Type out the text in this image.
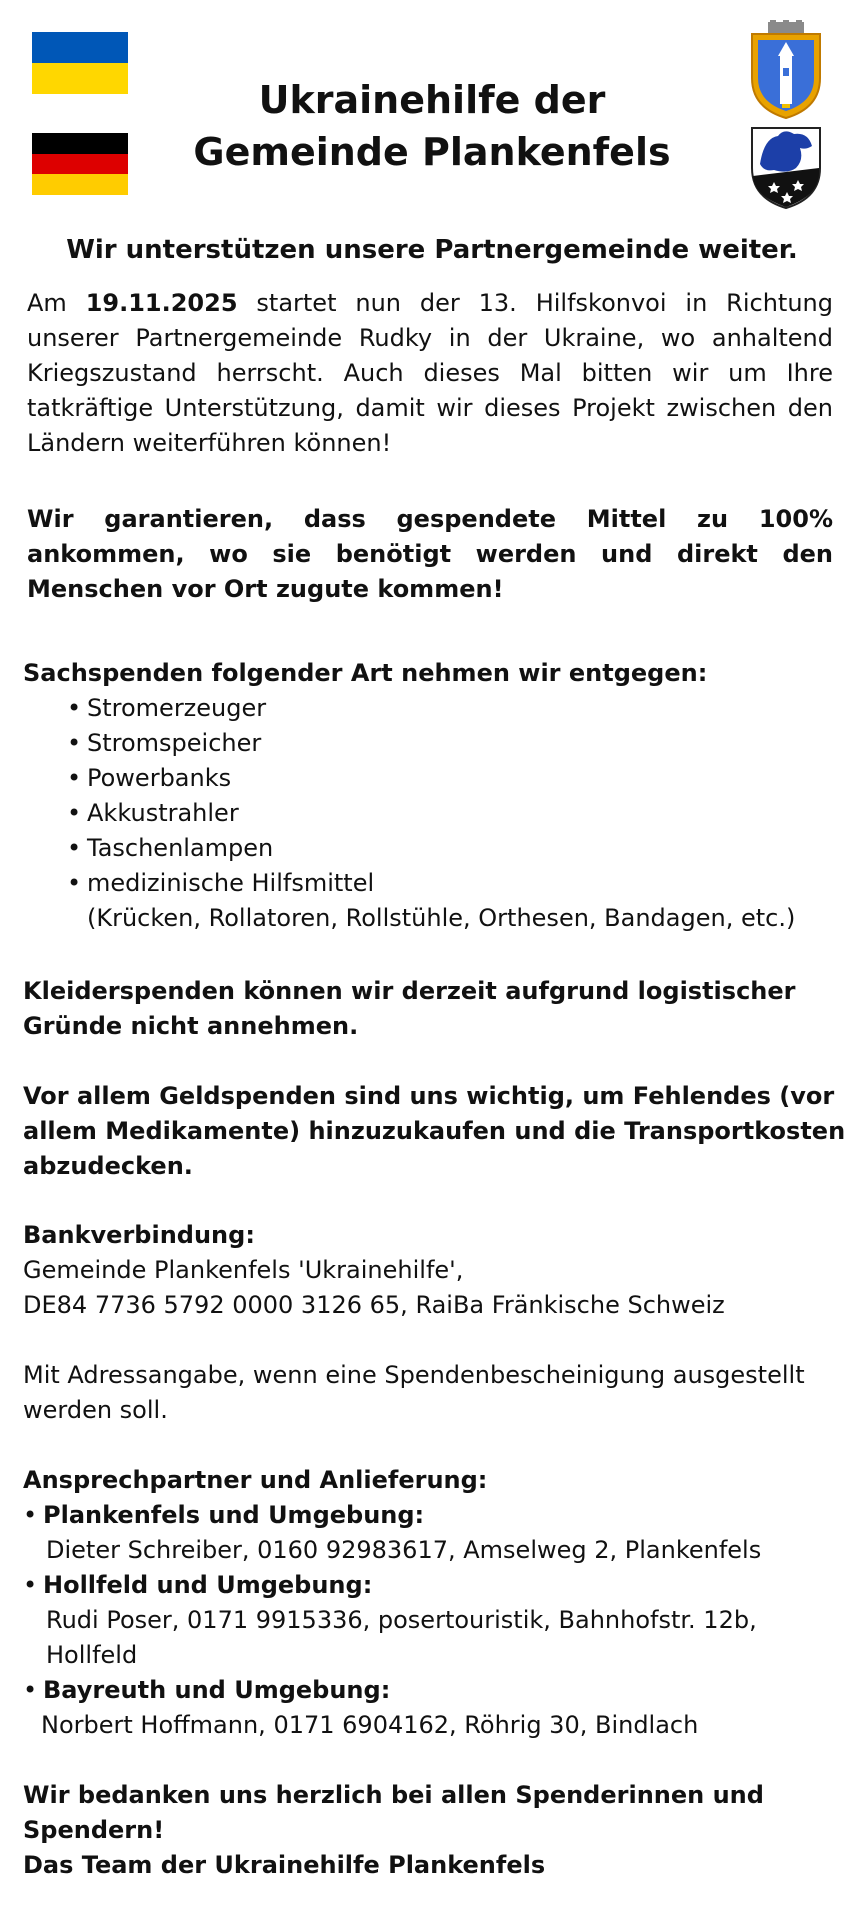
Ukrainehilfe der
Gemeinde Plankenfels
Wir unterstützen unsere Partnergemeinde weiter.
Am 19.11.2025 startet nun der 13. Hilfskonvoi in Richtung unserer Partnergemeinde Rudky in der Ukraine, wo anhaltend Kriegszustand herrscht. Auch dieses Mal bitten wir um Ihre tatkräftige Unterstützung, damit wir dieses Projekt zwischen den Ländern weiterführen können!
Wir garantieren, dass gespendete Mittel zu 100% ankommen, wo sie benötigt werden und direkt den Menschen vor Ort zugute kommen!
Sachspenden folgender Art nehmen wir entgegen:
• Stromerzeuger
• Stromspeicher
• Powerbanks
• Akkustrahler
• Taschenlampen
• medizinische Hilfsmittel
(Krücken, Rollatoren, Rollstühle, Orthesen, Bandagen, etc.)
Kleiderspenden können wir derzeit aufgrund logistischer
Gründe nicht annehmen.
Vor allem Geldspenden sind uns wichtig, um Fehlendes (vor
allem Medikamente) hinzuzukaufen und die Transportkosten
abzudecken.
Bankverbindung:
Gemeinde Plankenfels 'Ukrainehilfe',
DE84 7736 5792 0000 3126 65, RaiBa Fränkische Schweiz
Mit Adressangabe, wenn eine Spendenbescheinigung ausgestellt
werden soll.
Ansprechpartner und Anlieferung:
• Plankenfels und Umgebung:
Dieter Schreiber, 0160 92983617, Amselweg 2, Plankenfels
• Hollfeld und Umgebung:
Rudi Poser, 0171 9915336, posertouristik, Bahnhofstr. 12b,
Hollfeld
• Bayreuth und Umgebung:
Norbert Hoffmann, 0171 6904162, Röhrig 30, Bindlach
Wir bedanken uns herzlich bei allen Spenderinnen und Spendern!
Das Team der Ukrainehilfe Plankenfels
